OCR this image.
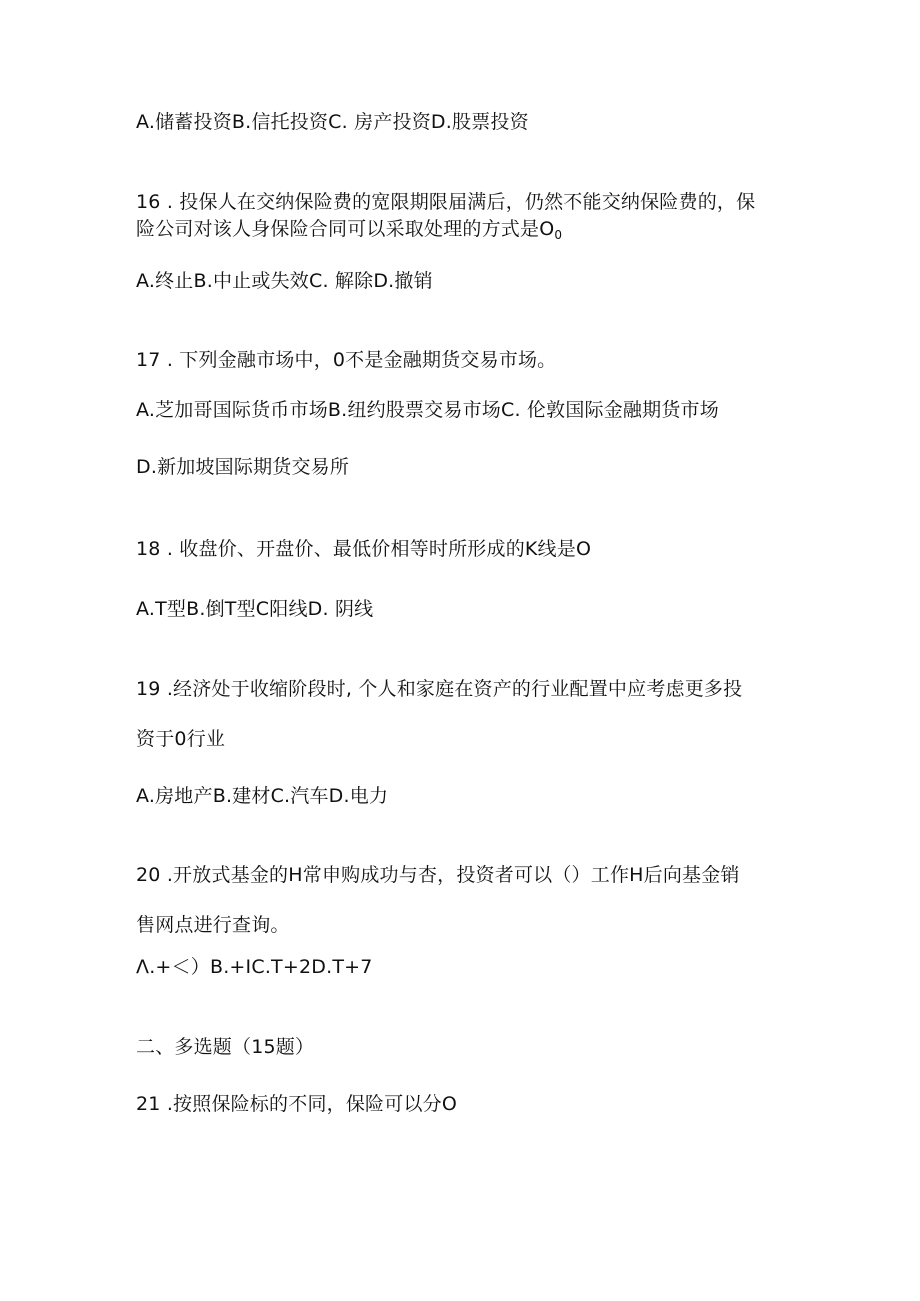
A.储蓄投资B.信托投资C. 房产投资D.股票投资
16 . 投保人在交纳保险费的宽限期限届满后，仍然不能交纳保险费的，保
险公司对该人身保险合同可以采取处理的方式是$O_0$
A.终止B.中止或失效C. 解除D.撤销
17 . 下列金融市场中，0不是金融期货交易市场。
A.芝加哥国际货币市场B.纽约股票交易市场C. 伦敦国际金融期货市场
D.新加坡国际期货交易所
18 . 收盘价、开盘价、最低价相等时所形成的K线是O
A.T型B.倒T型C阳线D. 阴线
19 .经济处于收缩阶段时, 个人和家庭在资产的行业配置中应考虑更多投
资于0行业
A.房地产B.建材C.汽车D.电力
20 .开放式基金的H常申购成功与杏，投资者可以（）工作H后向基金销
售网点进行查询。
Λ.+＜）B.+IC.T+2D.T+7
二、多选题（15题）
21 .按照保险标的不同，保险可以分O
